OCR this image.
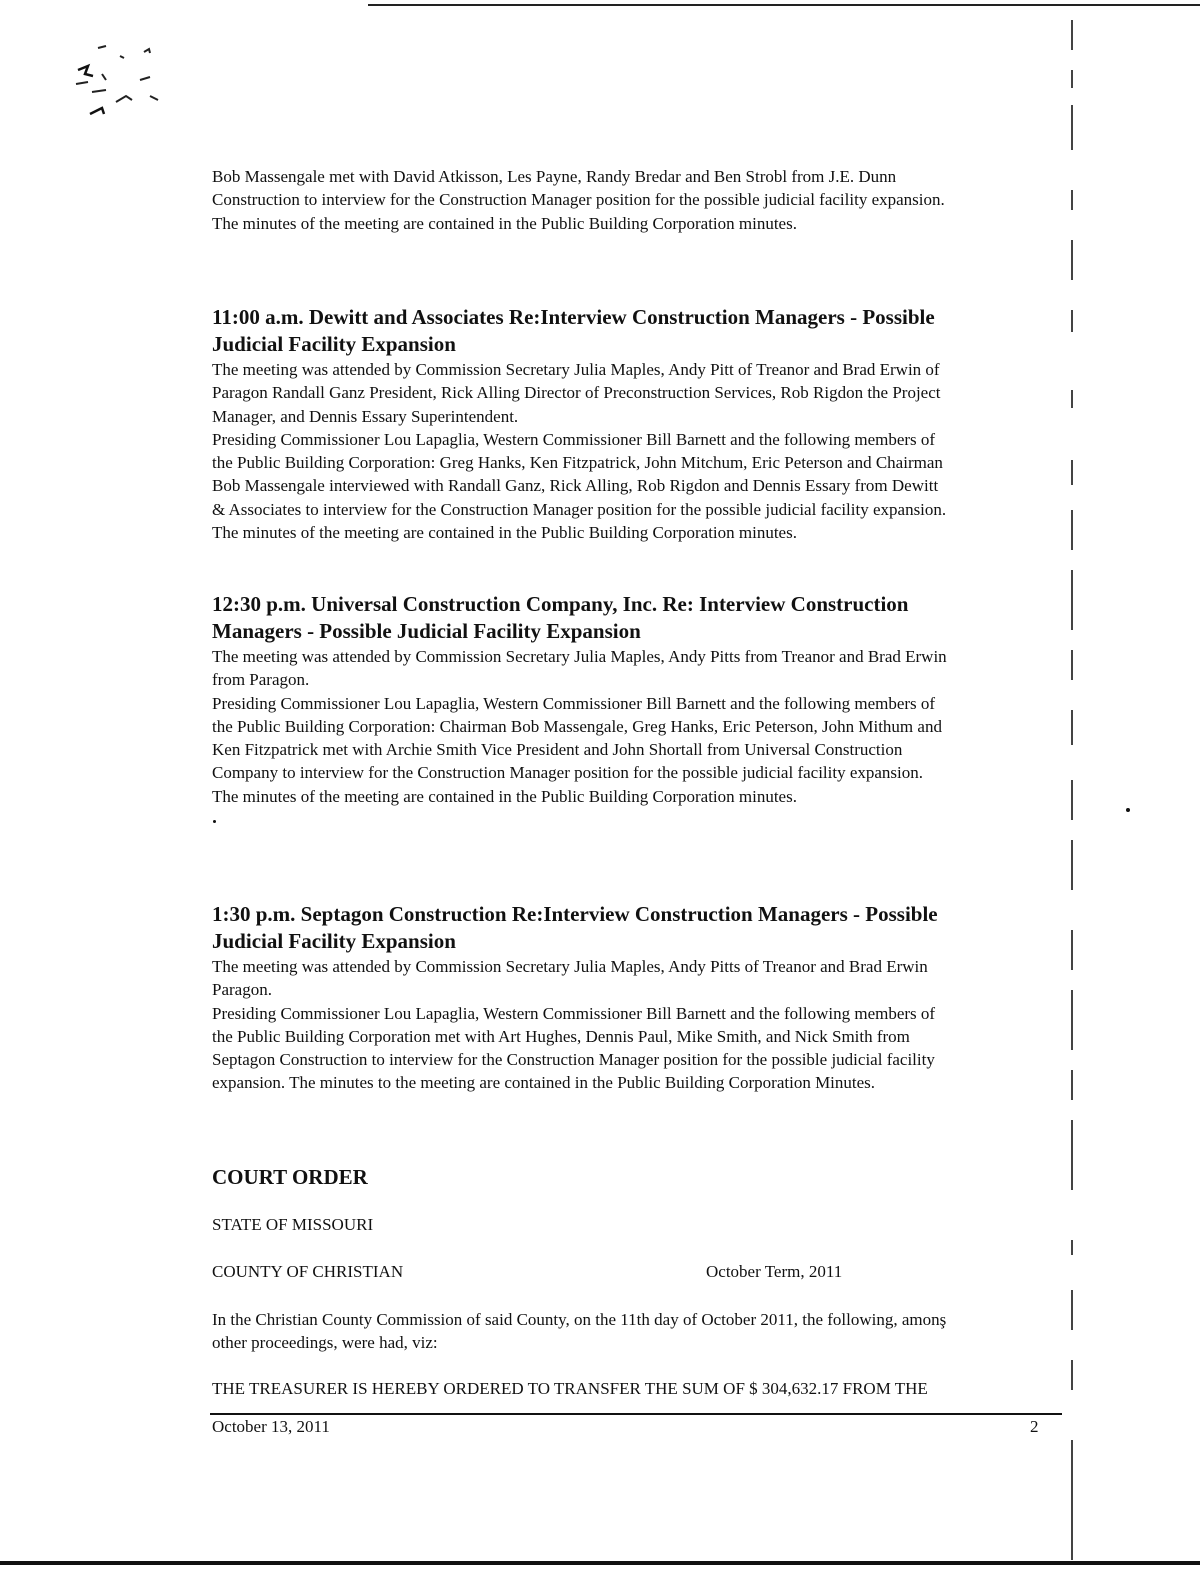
Bob Massengale met with David Atkisson, Les Payne, Randy Bredar and Ben Strobl from J.E. Dunn
Construction to interview for the Construction Manager position for the possible judicial facility expansion.
The minutes of the meeting are contained in the Public Building Corporation minutes.
11:00 a.m. Dewitt and Associates Re:Interview Construction Managers - Possible
Judicial Facility Expansion
The meeting was attended by Commission Secretary Julia Maples, Andy Pitt of Treanor and Brad Erwin of
Paragon Randall Ganz President, Rick Alling Director of Preconstruction Services, Rob Rigdon the Project
Manager, and Dennis Essary Superintendent.
Presiding Commissioner Lou Lapaglia, Western Commissioner Bill Barnett and the following members of
the Public Building Corporation: Greg Hanks, Ken Fitzpatrick, John Mitchum, Eric Peterson and Chairman
Bob Massengale interviewed with Randall Ganz, Rick Alling, Rob Rigdon and Dennis Essary from Dewitt
& Associates to interview for the Construction Manager position for the possible judicial facility expansion.
The minutes of the meeting are contained in the Public Building Corporation minutes.
12:30 p.m. Universal Construction Company, Inc. Re: Interview Construction
Managers - Possible Judicial Facility Expansion
The meeting was attended by Commission Secretary Julia Maples, Andy Pitts from Treanor and Brad Erwin
from Paragon.
Presiding Commissioner Lou Lapaglia, Western Commissioner Bill Barnett and the following members of
the Public Building Corporation: Chairman Bob Massengale, Greg Hanks, Eric Peterson, John Mithum and
Ken Fitzpatrick met with Archie Smith Vice President and John Shortall from Universal Construction
Company to interview for the Construction Manager position for the possible judicial facility expansion.
The minutes of the meeting are contained in the Public Building Corporation minutes.
1:30 p.m. Septagon Construction Re:Interview Construction Managers - Possible
Judicial Facility Expansion
The meeting was attended by Commission Secretary Julia Maples, Andy Pitts of Treanor and Brad Erwin
Paragon.
Presiding Commissioner Lou Lapaglia, Western Commissioner Bill Barnett and the following members of
the Public Building Corporation met with Art Hughes, Dennis Paul, Mike Smith, and Nick Smith from
Septagon Construction to interview for the Construction Manager position for the possible judicial facility
expansion. The minutes to the meeting are contained in the Public Building Corporation Minutes.
COURT ORDER
STATE OF MISSOURI
COUNTY OF CHRISTIAN	October Term, 2011
In the Christian County Commission of said County, on the 11th day of October 2011, the following, amonş
other proceedings, were had, viz:
THE TREASURER IS HEREBY ORDERED TO TRANSFER THE SUM OF $ 304,632.17 FROM THE
October 13, 2011	2
